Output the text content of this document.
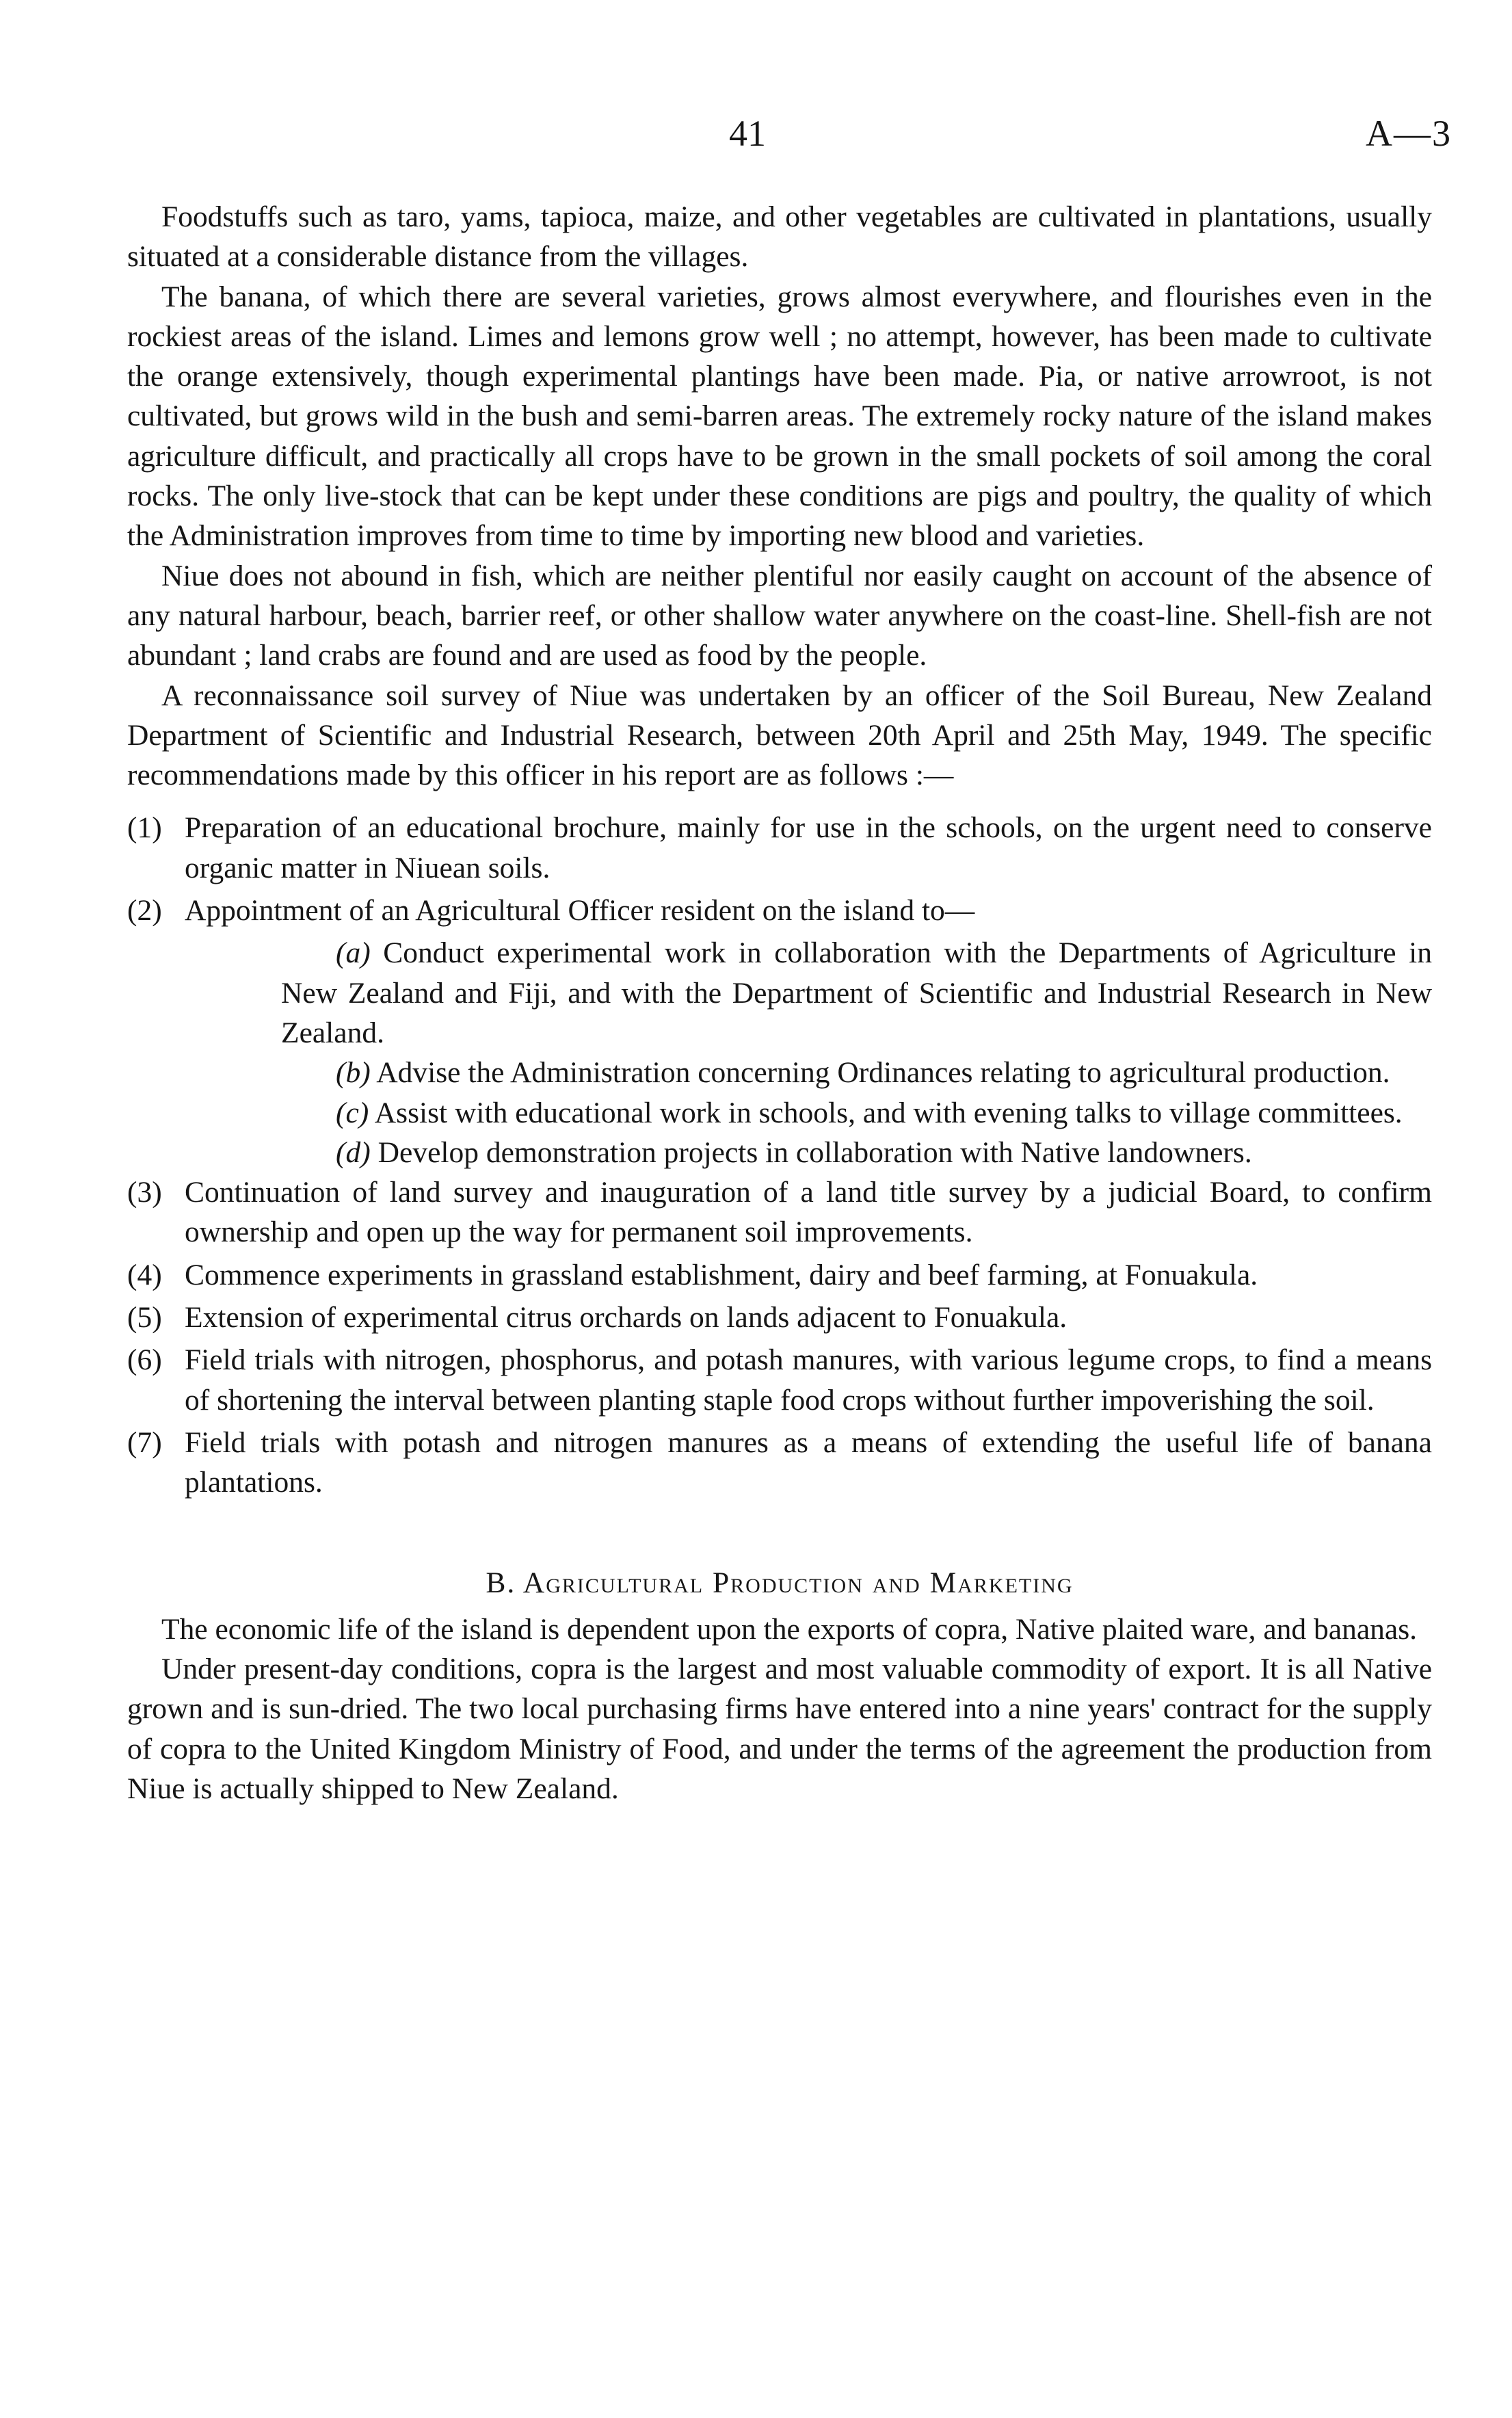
41	A—3

Foodstuffs such as taro, yams, tapioca, maize, and other vegetables are cultivated in plantations, usually situated at a considerable distance from the villages.

The banana, of which there are several varieties, grows almost everywhere, and flourishes even in the rockiest areas of the island. Limes and lemons grow well ; no attempt, however, has been made to cultivate the orange extensively, though experimental plantings have been made. Pia, or native arrowroot, is not cultivated, but grows wild in the bush and semi-barren areas. The extremely rocky nature of the island makes agriculture difficult, and practically all crops have to be grown in the small pockets of soil among the coral rocks. The only live-stock that can be kept under these conditions are pigs and poultry, the quality of which the Administration improves from time to time by importing new blood and varieties.

Niue does not abound in fish, which are neither plentiful nor easily caught on account of the absence of any natural harbour, beach, barrier reef, or other shallow water anywhere on the coast-line. Shell-fish are not abundant ; land crabs are found and are used as food by the people.

A reconnaissance soil survey of Niue was undertaken by an officer of the Soil Bureau, New Zealand Department of Scientific and Industrial Research, between 20th April and 25th May, 1949. The specific recommendations made by this officer in his report are as follows :—

(1) Preparation of an educational brochure, mainly for use in the schools, on the urgent need to conserve organic matter in Niuean soils.
(2) Appointment of an Agricultural Officer resident on the island to—
(a) Conduct experimental work in collaboration with the Departments of Agriculture in New Zealand and Fiji, and with the Department of Scientific and Industrial Research in New Zealand.
(b) Advise the Administration concerning Ordinances relating to agricultural production.
(c) Assist with educational work in schools, and with evening talks to village committees.
(d) Develop demonstration projects in collaboration with Native landowners.
(3) Continuation of land survey and inauguration of a land title survey by a judicial Board, to confirm ownership and open up the way for permanent soil improvements.
(4) Commence experiments in grassland establishment, dairy and beef farming, at Fonuakula.
(5) Extension of experimental citrus orchards on lands adjacent to Fonuakula.
(6) Field trials with nitrogen, phosphorus, and potash manures, with various legume crops, to find a means of shortening the interval between planting staple food crops without further impoverishing the soil.
(7) Field trials with potash and nitrogen manures as a means of extending the useful life of banana plantations.
B. Agricultural Production and Marketing

The economic life of the island is dependent upon the exports of copra, Native plaited ware, and bananas.

Under present-day conditions, copra is the largest and most valuable commodity of export. It is all Native grown and is sun-dried. The two local purchasing firms have entered into a nine years' contract for the supply of copra to the United Kingdom Ministry of Food, and under the terms of the agreement the production from Niue is actually shipped to New Zealand.
